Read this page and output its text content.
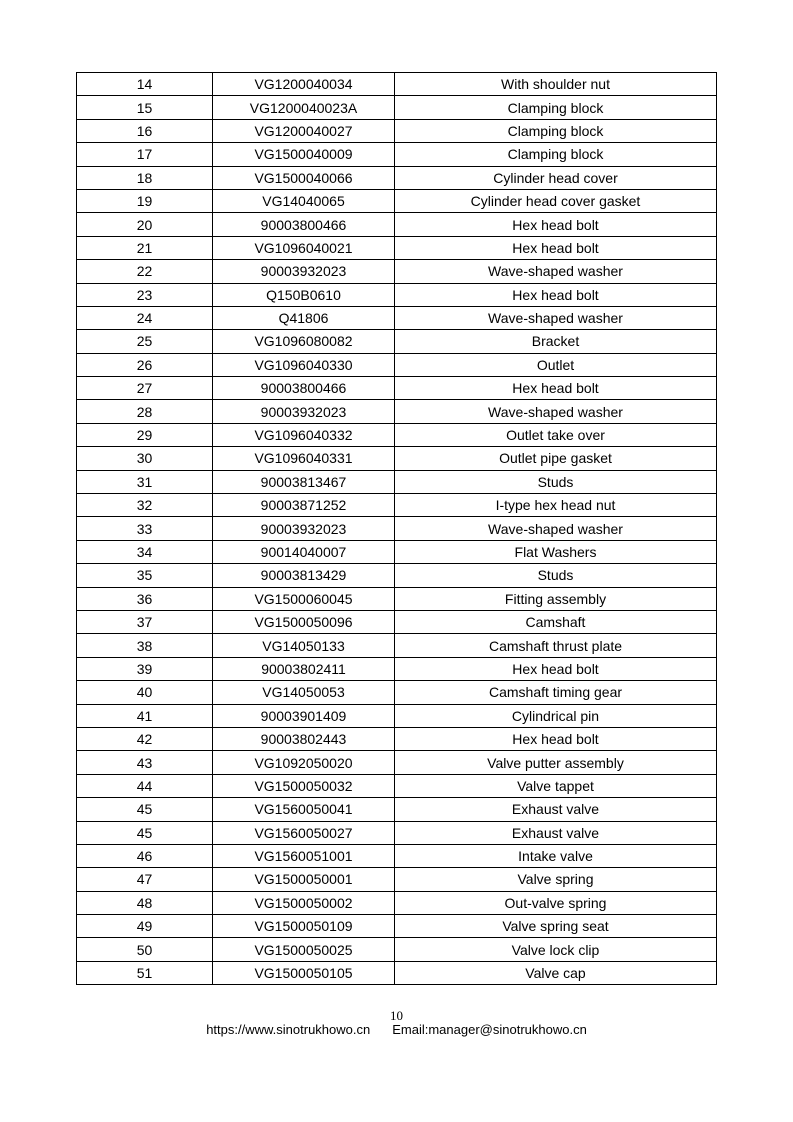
14	VG1200040034	With shoulder nut
15	VG1200040023A	Clamping block
16	VG1200040027	Clamping block
17	VG1500040009	Clamping block
18	VG1500040066	Cylinder head cover
19	VG14040065	Cylinder head cover gasket
20	90003800466	Hex head bolt
21	VG1096040021	Hex head bolt
22	90003932023	Wave-shaped washer
23	Q150B0610	Hex head bolt
24	Q41806	Wave-shaped washer
25	VG1096080082	Bracket
26	VG1096040330	Outlet
27	90003800466	Hex head bolt
28	90003932023	Wave-shaped washer
29	VG1096040332	Outlet take over
30	VG1096040331	Outlet pipe gasket
31	90003813467	Studs
32	90003871252	I-type hex head nut
33	90003932023	Wave-shaped washer
34	90014040007	Flat Washers
35	90003813429	Studs
36	VG1500060045	Fitting assembly
37	VG1500050096	Camshaft
38	VG14050133	Camshaft thrust plate
39	90003802411	Hex head bolt
40	VG14050053	Camshaft timing gear
41	90003901409	Cylindrical pin
42	90003802443	Hex head bolt
43	VG1092050020	Valve putter assembly
44	VG1500050032	Valve tappet
45	VG1560050041	Exhaust valve
45	VG1560050027	Exhaust valve
46	VG1560051001	Intake valve
47	VG1500050001	Valve spring
48	VG1500050002	Out-valve spring
49	VG1500050109	Valve spring seat
50	VG1500050025	Valve lock clip
51	VG1500050105	Valve cap
10
https://www.sinotrukhowo.cn Email:manager@sinotrukhowo.cn
